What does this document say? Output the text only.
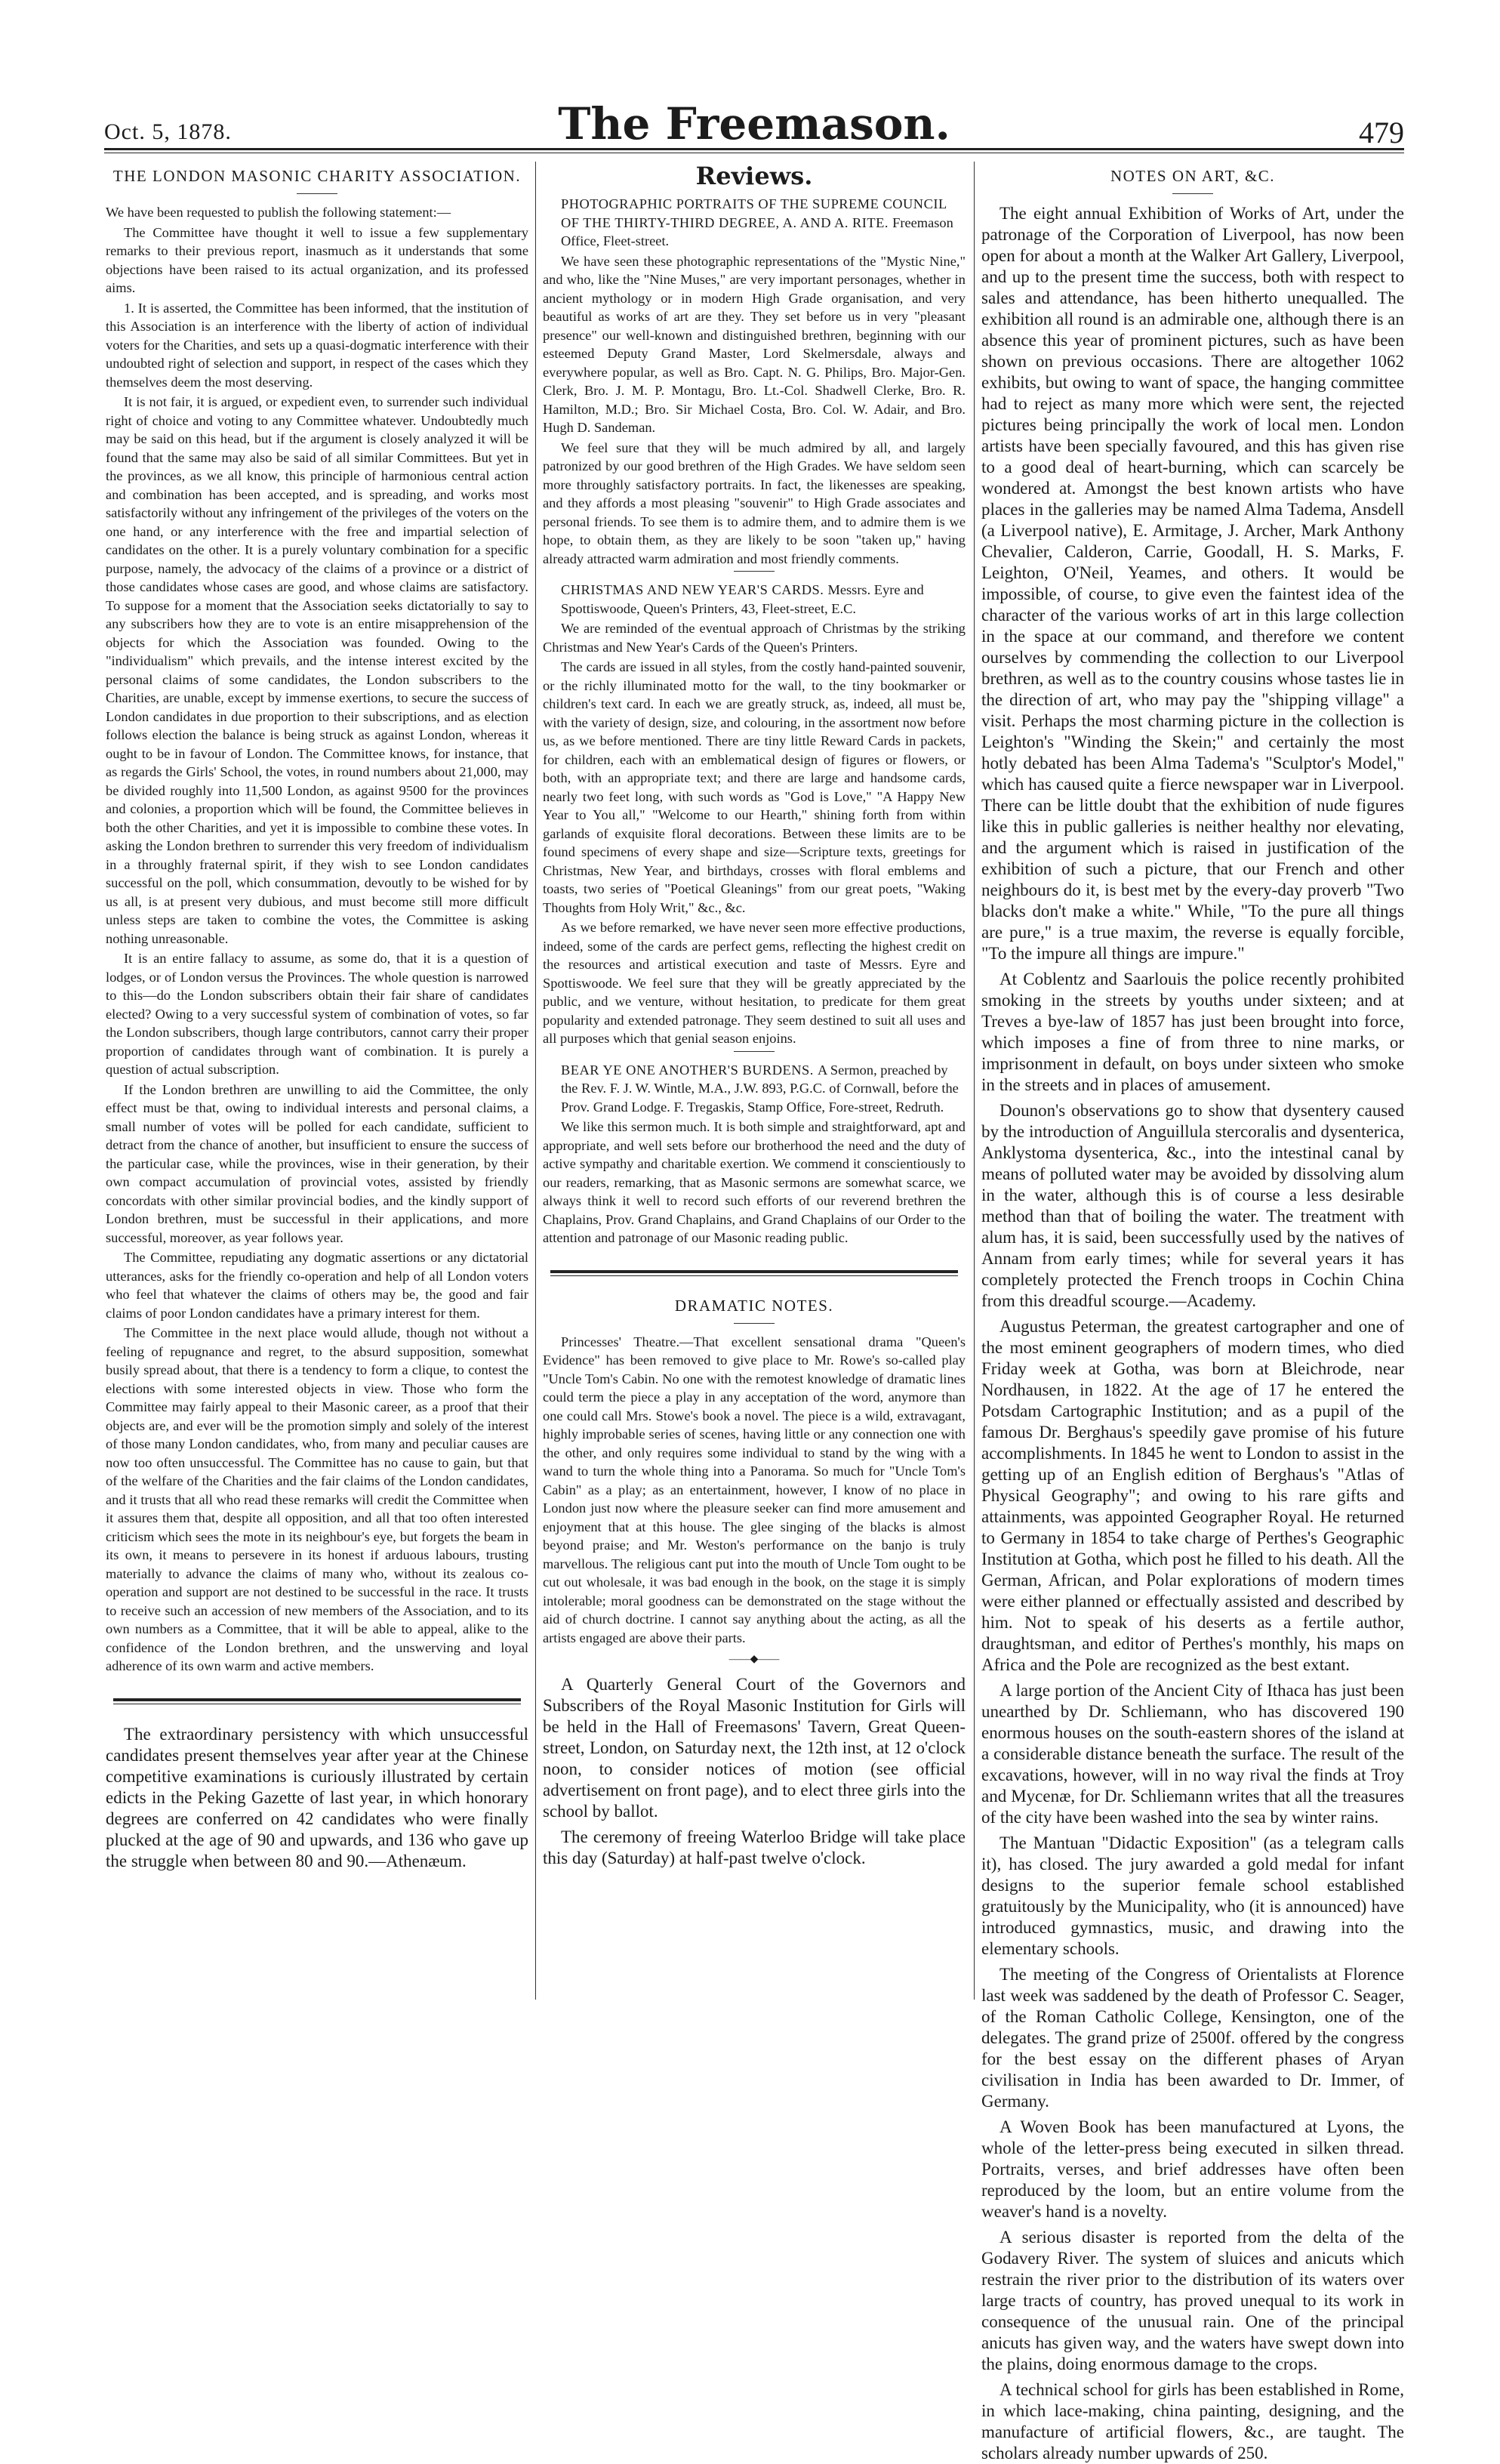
Oct. 5, 1878.	The Freemason.	479
THE LONDON MASONIC CHARITY ASSOCIATION.

We have been requested to publish the following statement:—

The Committee have thought it well to issue a few supplementary remarks to their previous report, inasmuch as it understands that some objections have been raised to its actual organization, and its professed aims.

1. It is asserted, the Committee has been informed, that the institution of this Association is an interference with the liberty of action of individual voters for the Charities, and sets up a quasi-dogmatic interference with their undoubted right of selection and support, in respect of the cases which they themselves deem the most deserving.

It is not fair, it is argued, or expedient even, to surrender such individual right of choice and voting to any Committee whatever. Undoubtedly much may be said on this head, but if the argument is closely analyzed it will be found that the same may also be said of all similar Committees. But yet in the provinces, as we all know, this principle of harmonious central action and combination has been accepted, and is spreading, and works most satisfactorily without any infringement of the privileges of the voters on the one hand, or any interference with the free and impartial selection of candidates on the other. It is a purely voluntary combination for a specific purpose, namely, the advocacy of the claims of a province or a district of those candidates whose cases are good, and whose claims are satisfactory. To suppose for a moment that the Association seeks dictatorially to say to any subscribers how they are to vote is an entire misapprehension of the objects for which the Association was founded. Owing to the "individualism" which prevails, and the intense interest excited by the personal claims of some candidates, the London subscribers to the Charities, are unable, except by immense exertions, to secure the success of London candidates in due proportion to their subscriptions, and as election follows election the balance is being struck as against London, whereas it ought to be in favour of London. The Committee knows, for instance, that as regards the Girls' School, the votes, in round numbers about 21,000, may be divided roughly into 11,500 London, as against 9500 for the provinces and colonies, a proportion which will be found, the Committee believes in both the other Charities, and yet it is impossible to combine these votes. In asking the London brethren to surrender this very freedom of individualism in a throughly fraternal spirit, if they wish to see London candidates successful on the poll, which consummation, devoutly to be wished for by us all, is at present very dubious, and must become still more difficult unless steps are taken to combine the votes, the Committee is asking nothing unreasonable.

It is an entire fallacy to assume, as some do, that it is a question of lodges, or of London versus the Provinces. The whole question is narrowed to this—do the London subscribers obtain their fair share of candidates elected? Owing to a very successful system of combination of votes, so far the London subscribers, though large contributors, cannot carry their proper proportion of candidates through want of combination. It is purely a question of actual subscription.

If the London brethren are unwilling to aid the Committee, the only effect must be that, owing to individual interests and personal claims, a small number of votes will be polled for each candidate, sufficient to detract from the chance of another, but insufficient to ensure the success of the particular case, while the provinces, wise in their generation, by their own compact accumulation of provincial votes, assisted by friendly concordats with other similar provincial bodies, and the kindly support of London brethren, must be successful in their applications, and more successful, moreover, as year follows year.

The Committee, repudiating any dogmatic assertions or any dictatorial utterances, asks for the friendly co-operation and help of all London voters who feel that whatever the claims of others may be, the good and fair claims of poor London candidates have a primary interest for them.

The Committee in the next place would allude, though not without a feeling of repugnance and regret, to the absurd supposition, somewhat busily spread about, that there is a tendency to form a clique, to contest the elections with some interested objects in view. Those who form the Committee may fairly appeal to their Masonic career, as a proof that their objects are, and ever will be the promotion simply and solely of the interest of those many London candidates, who, from many and peculiar causes are now too often unsuccessful. The Committee has no cause to gain, but that of the welfare of the Charities and the fair claims of the London candidates, and it trusts that all who read these remarks will credit the Committee when it assures them that, despite all opposition, and all that too often interested criticism which sees the mote in its neighbour's eye, but forgets the beam in its own, it means to persevere in its honest if arduous labours, trusting materially to advance the claims of many who, without its zealous co-operation and support are not destined to be successful in the race. It trusts to receive such an accession of new members of the Association, and to its own numbers as a Committee, that it will be able to appeal, alike to the confidence of the London brethren, and the unswerving and loyal adherence of its own warm and active members.

The extraordinary persistency with which unsuccessful candidates present themselves year after year at the Chinese competitive examinations is curiously illustrated by certain edicts in the Peking Gazette of last year, in which honorary degrees are conferred on 42 candidates who were finally plucked at the age of 90 and upwards, and 136 who gave up the struggle when between 80 and 90.—Athenæum.

Reviews.

PHOTOGRAPHIC PORTRAITS OF THE SUPREME COUNCIL OF THE THIRTY-THIRD DEGREE, A. AND A. RITE. Freemason Office, Fleet-street.

We have seen these photographic representations of the "Mystic Nine," and who, like the "Nine Muses," are very important personages, whether in ancient mythology or in modern High Grade organisation, and very beautiful as works of art are they. They set before us in very "pleasant presence" our well-known and distinguished brethren, beginning with our esteemed Deputy Grand Master, Lord Skelmersdale, always and everywhere popular, as well as Bro. Capt. N. G. Philips, Bro. Major-Gen. Clerk, Bro. J. M. P. Montagu, Bro. Lt.-Col. Shadwell Clerke, Bro. R. Hamilton, M.D.; Bro. Sir Michael Costa, Bro. Col. W. Adair, and Bro. Hugh D. Sandeman.

We feel sure that they will be much admired by all, and largely patronized by our good brethren of the High Grades. We have seldom seen more throughly satisfactory portraits. In fact, the likenesses are speaking, and they affords a most pleasing "souvenir" to High Grade associates and personal friends. To see them is to admire them, and to admire them is we hope, to obtain them, as they are likely to be soon "taken up," having already attracted warm admiration and most friendly comments.

CHRISTMAS AND NEW YEAR'S CARDS. Messrs. Eyre and Spottiswoode, Queen's Printers, 43, Fleet-street, E.C.

We are reminded of the eventual approach of Christmas by the striking Christmas and New Year's Cards of the Queen's Printers.

The cards are issued in all styles, from the costly hand-painted souvenir, or the richly illuminated motto for the wall, to the tiny bookmarker or children's text card. In each we are greatly struck, as, indeed, all must be, with the variety of design, size, and colouring, in the assortment now before us, as we before mentioned. There are tiny little Reward Cards in packets, for children, each with an emblematical design of figures or flowers, or both, with an appropriate text; and there are large and handsome cards, nearly two feet long, with such words as "God is Love," "A Happy New Year to You all," "Welcome to our Hearth," shining forth from within garlands of exquisite floral decorations. Between these limits are to be found specimens of every shape and size—Scripture texts, greetings for Christmas, New Year, and birthdays, crosses with floral emblems and toasts, two series of "Poetical Gleanings" from our great poets, "Waking Thoughts from Holy Writ," &c., &c.

As we before remarked, we have never seen more effective productions, indeed, some of the cards are perfect gems, reflecting the highest credit on the resources and artistical execution and taste of Messrs. Eyre and Spottiswoode. We feel sure that they will be greatly appreciated by the public, and we venture, without hesitation, to predicate for them great popularity and extended patronage. They seem destined to suit all uses and all purposes which that genial season enjoins.

BEAR YE ONE ANOTHER'S BURDENS. A Sermon, preached by the Rev. F. J. W. Wintle, M.A., J.W. 893, P.G.C. of Cornwall, before the Prov. Grand Lodge. F. Tregaskis, Stamp Office, Fore-street, Redruth.

We like this sermon much. It is both simple and straightforward, apt and appropriate, and well sets before our brotherhood the need and the duty of active sympathy and charitable exertion. We commend it conscientiously to our readers, remarking, that as Masonic sermons are somewhat scarce, we always think it well to record such efforts of our reverend brethren the Chaplains, Prov. Grand Chaplains, and Grand Chaplains of our Order to the attention and patronage of our Masonic reading public.

DRAMATIC NOTES.

Princesses' Theatre.—That excellent sensational drama "Queen's Evidence" has been removed to give place to Mr. Rowe's so-called play "Uncle Tom's Cabin. No one with the remotest knowledge of dramatic lines could term the piece a play in any acceptation of the word, anymore than one could call Mrs. Stowe's book a novel. The piece is a wild, extravagant, highly improbable series of scenes, having little or any connection one with the other, and only requires some individual to stand by the wing with a wand to turn the whole thing into a Panorama. So much for "Uncle Tom's Cabin" as a play; as an entertainment, however, I know of no place in London just now where the pleasure seeker can find more amusement and enjoyment that at this house. The glee singing of the blacks is almost beyond praise; and Mr. Weston's performance on the banjo is truly marvellous. The religious cant put into the mouth of Uncle Tom ought to be cut out wholesale, it was bad enough in the book, on the stage it is simply intolerable; moral goodness can be demonstrated on the stage without the aid of church doctrine. I cannot say anything about the acting, as all the artists engaged are above their parts.

——◆——

A Quarterly General Court of the Governors and Subscribers of the Royal Masonic Institution for Girls will be held in the Hall of Freemasons' Tavern, Great Queen-street, London, on Saturday next, the 12th inst, at 12 o'clock noon, to consider notices of motion (see official advertisement on front page), and to elect three girls into the school by ballot.

The ceremony of freeing Waterloo Bridge will take place this day (Saturday) at half-past twelve o'clock.

NOTES ON ART, &C.

The eight annual Exhibition of Works of Art, under the patronage of the Corporation of Liverpool, has now been open for about a month at the Walker Art Gallery, Liverpool, and up to the present time the success, both with respect to sales and attendance, has been hitherto unequalled. The exhibition all round is an admirable one, although there is an absence this year of prominent pictures, such as have been shown on previous occasions. There are altogether 1062 exhibits, but owing to want of space, the hanging committee had to reject as many more which were sent, the rejected pictures being principally the work of local men. London artists have been specially favoured, and this has given rise to a good deal of heart-burning, which can scarcely be wondered at. Amongst the best known artists who have places in the galleries may be named Alma Tadema, Ansdell (a Liverpool native), E. Armitage, J. Archer, Mark Anthony Chevalier, Calderon, Carrie, Goodall, H. S. Marks, F. Leighton, O'Neil, Yeames, and others. It would be impossible, of course, to give even the faintest idea of the character of the various works of art in this large collection in the space at our command, and therefore we content ourselves by commending the collection to our Liverpool brethren, as well as to the country cousins whose tastes lie in the direction of art, who may pay the "shipping village" a visit. Perhaps the most charming picture in the collection is Leighton's "Winding the Skein;" and certainly the most hotly debated has been Alma Tadema's "Sculptor's Model," which has caused quite a fierce newspaper war in Liverpool. There can be little doubt that the exhibition of nude figures like this in public galleries is neither healthy nor elevating, and the argument which is raised in justification of the exhibition of such a picture, that our French and other neighbours do it, is best met by the every-day proverb "Two blacks don't make a white." While, "To the pure all things are pure," is a true maxim, the reverse is equally forcible, "To the impure all things are impure."

At Coblentz and Saarlouis the police recently prohibited smoking in the streets by youths under sixteen; and at Treves a bye-law of 1857 has just been brought into force, which imposes a fine of from three to nine marks, or imprisonment in default, on boys under sixteen who smoke in the streets and in places of amusement.

Dounon's observations go to show that dysentery caused by the introduction of Anguillula stercoralis and dysenterica, Anklystoma dysenterica, &c., into the intestinal canal by means of polluted water may be avoided by dissolving alum in the water, although this is of course a less desirable method than that of boiling the water. The treatment with alum has, it is said, been successfully used by the natives of Annam from early times; while for several years it has completely protected the French troops in Cochin China from this dreadful scourge.—Academy.

Augustus Peterman, the greatest cartographer and one of the most eminent geographers of modern times, who died Friday week at Gotha, was born at Bleichrode, near Nordhausen, in 1822. At the age of 17 he entered the Potsdam Cartographic Institution; and as a pupil of the famous Dr. Berghaus's speedily gave promise of his future accomplishments. In 1845 he went to London to assist in the getting up of an English edition of Berghaus's "Atlas of Physical Geography"; and owing to his rare gifts and attainments, was appointed Geographer Royal. He returned to Germany in 1854 to take charge of Perthes's Geographic Institution at Gotha, which post he filled to his death. All the German, African, and Polar explorations of modern times were either planned or effectually assisted and described by him. Not to speak of his deserts as a fertile author, draughtsman, and editor of Perthes's monthly, his maps on Africa and the Pole are recognized as the best extant.

A large portion of the Ancient City of Ithaca has just been unearthed by Dr. Schliemann, who has discovered 190 enormous houses on the south-eastern shores of the island at a considerable distance beneath the surface. The result of the excavations, however, will in no way rival the finds at Troy and Mycenæ, for Dr. Schliemann writes that all the treasures of the city have been washed into the sea by winter rains.

The Mantuan "Didactic Exposition" (as a telegram calls it), has closed. The jury awarded a gold medal for infant designs to the superior female school established gratuitously by the Municipality, who (it is announced) have introduced gymnastics, music, and drawing into the elementary schools.

The meeting of the Congress of Orientalists at Florence last week was saddened by the death of Professor C. Seager, of the Roman Catholic College, Kensington, one of the delegates. The grand prize of 2500f. offered by the congress for the best essay on the different phases of Aryan civilisation in India has been awarded to Dr. Immer, of Germany.

A Woven Book has been manufactured at Lyons, the whole of the letter-press being executed in silken thread. Portraits, verses, and brief addresses have often been reproduced by the loom, but an entire volume from the weaver's hand is a novelty.

A serious disaster is reported from the delta of the Godavery River. The system of sluices and anicuts which restrain the river prior to the distribution of its waters over large tracts of country, has proved unequal to its work in consequence of the unusual rain. One of the principal anicuts has given way, and the waters have swept down into the plains, doing enormous damage to the crops.

A technical school for girls has been established in Rome, in which lace-making, china painting, designing, and the manufacture of artificial flowers, &c., are taught. The scholars already number upwards of 250.
